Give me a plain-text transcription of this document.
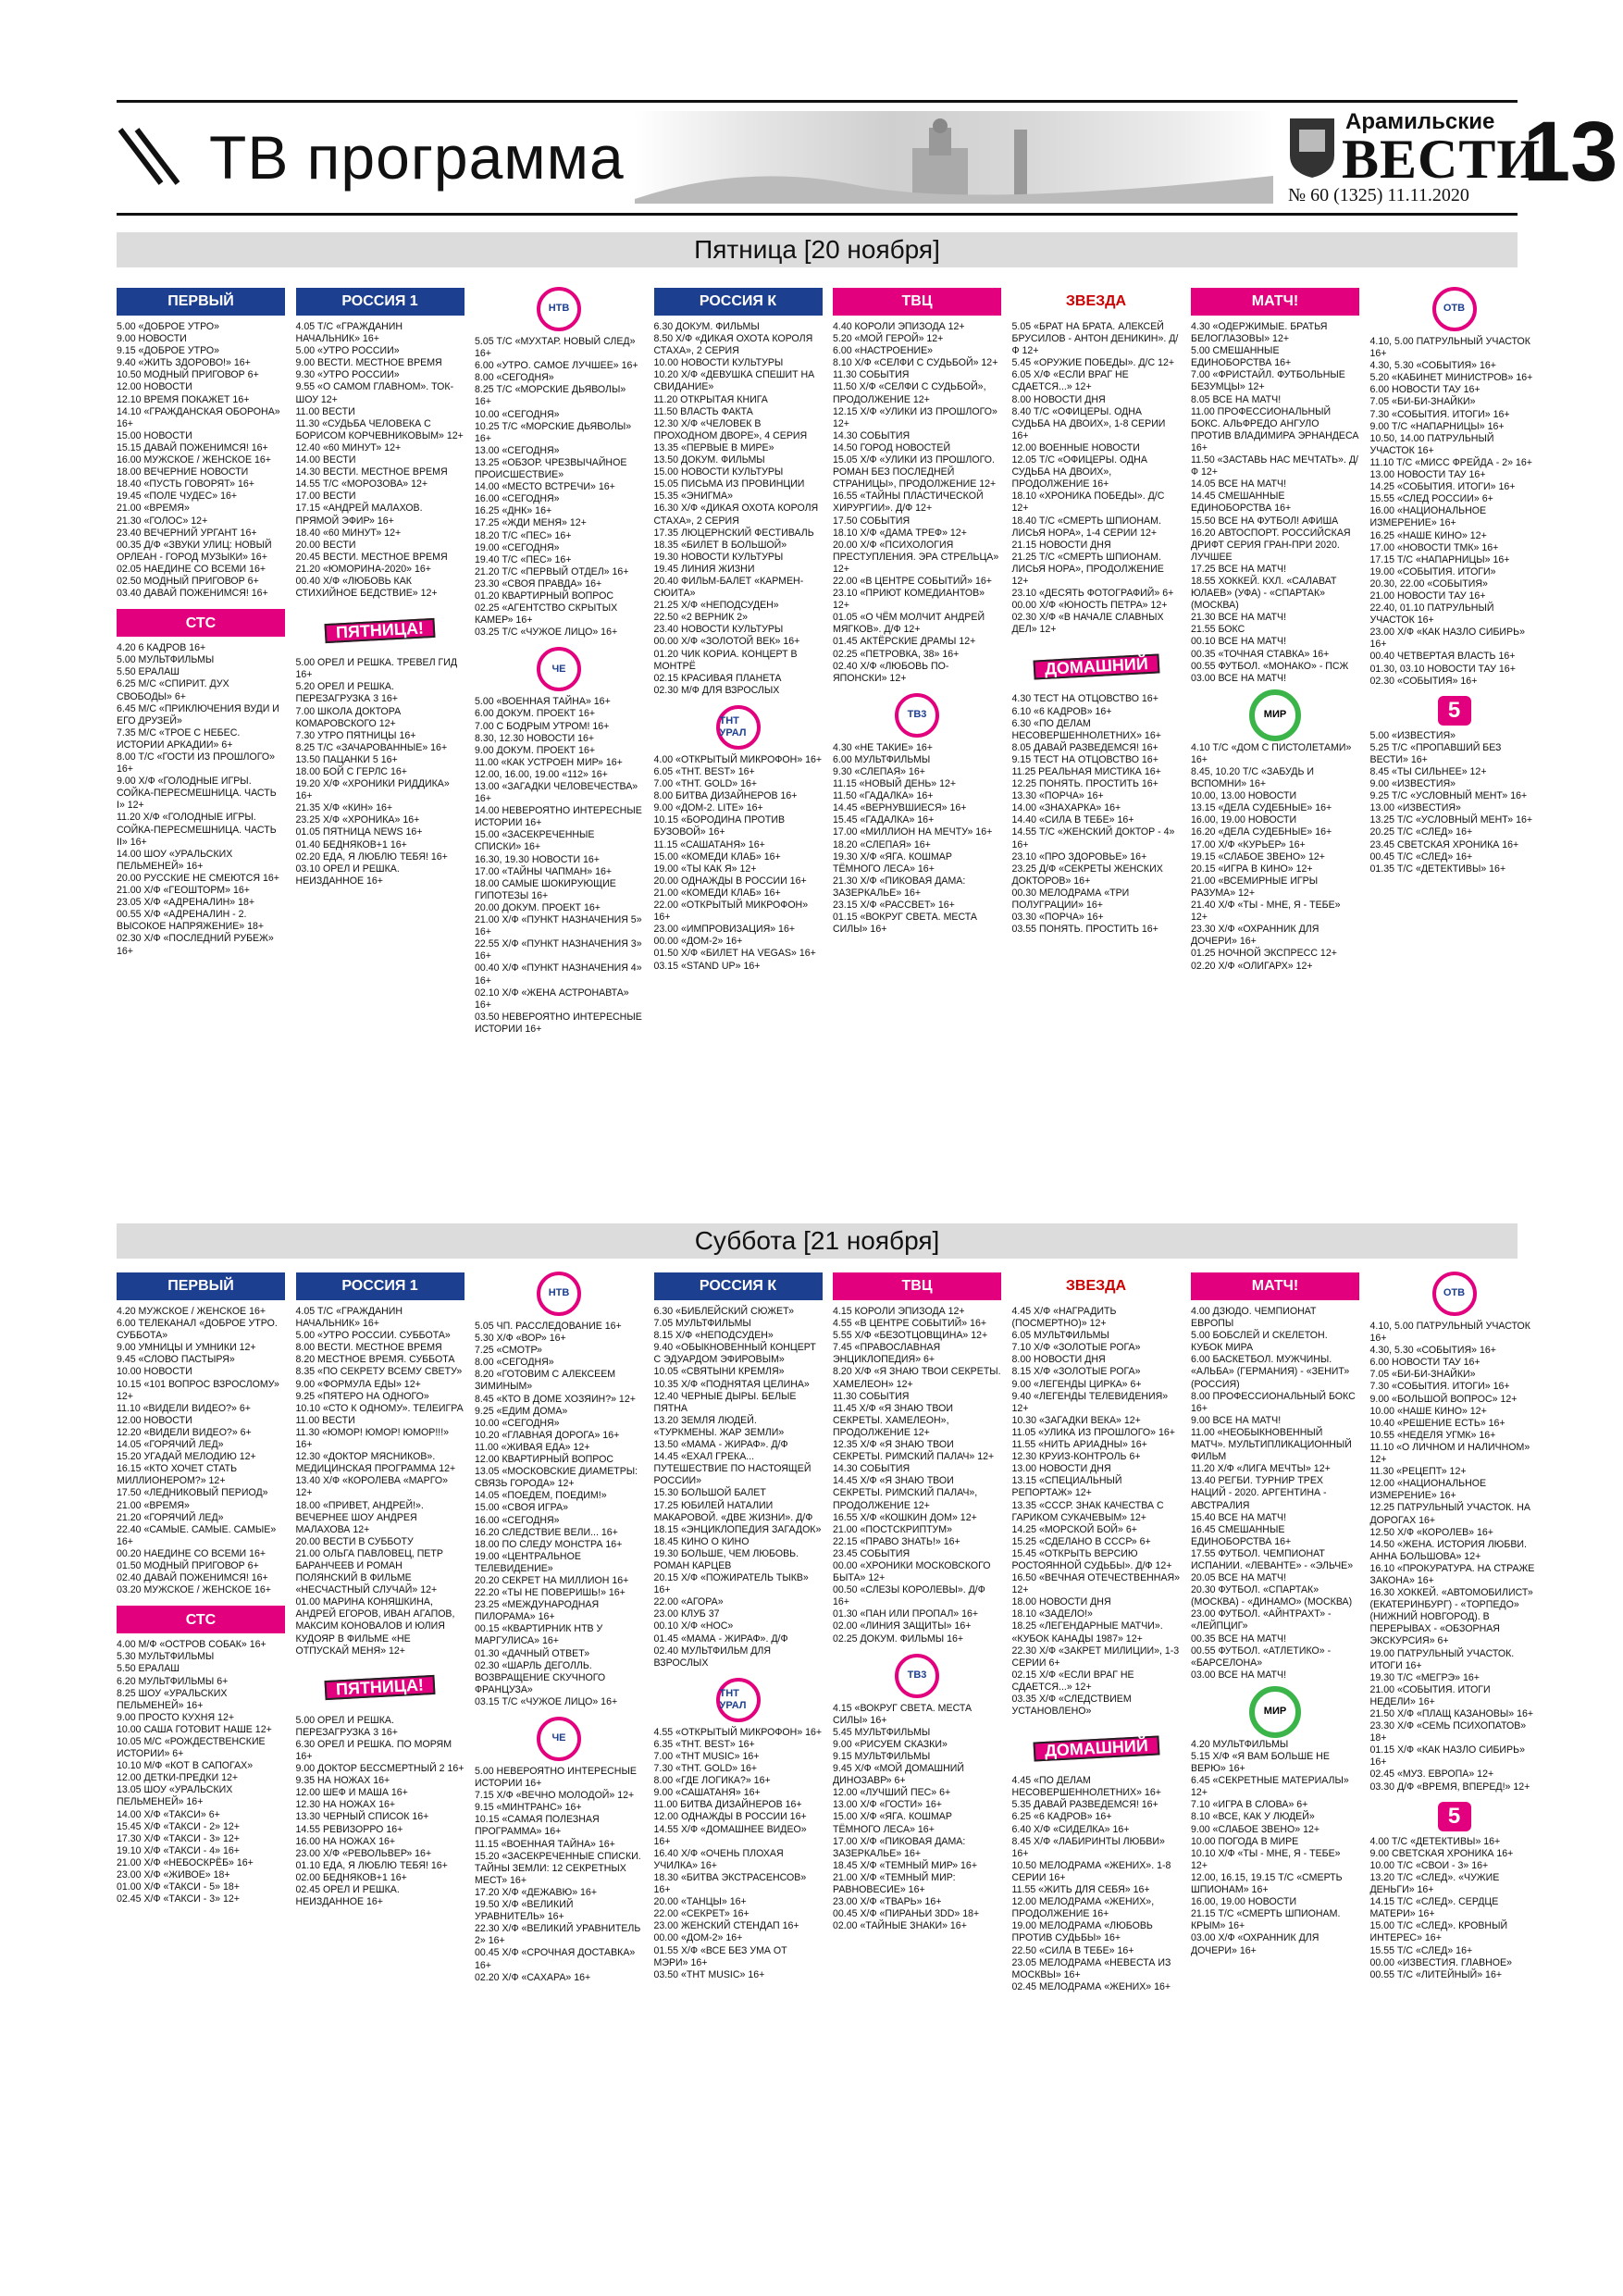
ТВ программа
Арамильские
ВЕСТИ
№ 60 (1325) 11.11.2020 13
Пятница [20 ноября]
ПЕРВЫЙ

5.00 «ДОБРОЕ УТРО»

9.00 НОВОСТИ

9.15 «ДОБРОЕ УТРО»

9.40 «ЖИТЬ ЗДОРОВО!» 16+

10.50 МОДНЫЙ ПРИГОВОР 6+

12.00 НОВОСТИ

12.10 ВРЕМЯ ПОКАЖЕТ 16+

14.10 «ГРАЖДАНСКАЯ ОБОРОНА» 16+

15.00 НОВОСТИ

15.15 ДАВАЙ ПОЖЕНИМСЯ! 16+

16.00 МУЖСКОЕ / ЖЕНСКОЕ 16+

18.00 ВЕЧЕРНИЕ НОВОСТИ

18.40 «ПУСТЬ ГОВОРЯТ» 16+

19.45 «ПОЛЕ ЧУДЕС» 16+

21.00 «ВРЕМЯ»

21.30 «ГОЛОС» 12+

23.40 ВЕЧЕРНИЙ УРГАНТ 16+

00.35 Д/Ф «ЗВУКИ УЛИЦ: НОВЫЙ ОРЛЕАН - ГОРОД МУЗЫКИ» 16+

02.05 НАЕДИНЕ СО ВСЕМИ 16+

02.50 МОДНЫЙ ПРИГОВОР 6+

03.40 ДАВАЙ ПОЖЕНИМСЯ! 16+

СТС

4.20 6 КАДРОВ 16+

5.00 МУЛЬТФИЛЬМЫ

5.50 ЕРАЛАШ

6.25 М/С «СПИРИТ. ДУХ СВОБОДЫ» 6+

6.45 М/С «ПРИКЛЮЧЕНИЯ ВУДИ И ЕГО ДРУЗЕЙ»

7.35 М/С «ТРОЕ С НЕБЕС. ИСТОРИИ АРКАДИИ» 6+

8.00 Т/С «ГОСТИ ИЗ ПРОШЛОГО» 16+

9.00 Х/Ф «ГОЛОДНЫЕ ИГРЫ. СОЙКА-ПЕРЕСМЕШНИЦА. ЧАСТЬ I» 12+

11.20 Х/Ф «ГОЛОДНЫЕ ИГРЫ. СОЙКА-ПЕРЕСМЕШНИЦА. ЧАСТЬ II» 16+

14.00 ШОУ «УРАЛЬСКИХ ПЕЛЬМЕНЕЙ» 16+

20.00 РУССКИЕ НЕ СМЕЮТСЯ 16+

21.00 Х/Ф «ГЕОШТОРМ» 16+

23.05 Х/Ф «АДРЕНАЛИН» 18+

00.55 Х/Ф «АДРЕНАЛИН - 2. ВЫСОКОЕ НАПРЯЖЕНИЕ» 18+

02.30 Х/Ф «ПОСЛЕДНИЙ РУБЕЖ» 16+

РОССИЯ 1

4.05 Т/С «ГРАЖДАНИН НАЧАЛЬНИК» 16+

5.00 «УТРО РОССИИ»

9.00 ВЕСТИ. МЕСТНОЕ ВРЕМЯ

9.30 «УТРО РОССИИ»

9.55 «О САМОМ ГЛАВНОМ». ТОК-ШОУ 12+

11.00 ВЕСТИ

11.30 «СУДЬБА ЧЕЛОВЕКА С БОРИСОМ КОРЧЕВНИКОВЫМ» 12+

12.40 «60 МИНУТ» 12+

14.00 ВЕСТИ

14.30 ВЕСТИ. МЕСТНОЕ ВРЕМЯ

14.55 Т/С «МОРОЗОВА» 12+

17.00 ВЕСТИ

17.15 «АНДРЕЙ МАЛАХОВ. ПРЯМОЙ ЭФИР» 16+

18.40 «60 МИНУТ» 12+

20.00 ВЕСТИ

20.45 ВЕСТИ. МЕСТНОЕ ВРЕМЯ

21.20 «ЮМОРИНА-2020» 16+

00.40 Х/Ф «ЛЮБОВЬ КАК СТИХИЙНОЕ БЕДСТВИЕ» 12+

ПЯТНИЦА!

5.00 ОРЕЛ И РЕШКА. ТРЕВЕЛ ГИД 16+

5.20 ОРЕЛ И РЕШКА. ПЕРЕЗАГРУЗКА 3 16+

7.00 ШКОЛА ДОКТОРА КОМАРОВСКОГО 12+

7.30 УТРО ПЯТНИЦЫ 16+

8.25 Т/С «ЗАЧАРОВАННЫЕ» 16+

13.50 ПАЦАНКИ 5 16+

18.00 БОЙ С ГЕРЛС 16+

19.20 Х/Ф «ХРОНИКИ РИДДИКА» 16+

21.35 Х/Ф «КИН» 16+

23.25 Х/Ф «ХРОНИКА» 16+

01.05 ПЯТНИЦА NEWS 16+

01.40 БЕДНЯКОВ+1 16+

02.20 ЕДА, Я ЛЮБЛЮ ТЕБЯ! 16+

03.10 ОРЕЛ И РЕШКА. НЕИЗДАННОЕ 16+

НТВ

5.05 Т/С «МУХТАР. НОВЫЙ СЛЕД» 16+

6.00 «УТРО. САМОЕ ЛУЧШЕЕ» 16+

8.00 «СЕГОДНЯ»

8.25 Т/С «МОРСКИЕ ДЬЯВОЛЫ» 16+

10.00 «СЕГОДНЯ»

10.25 Т/С «МОРСКИЕ ДЬЯВОЛЫ» 16+

13.00 «СЕГОДНЯ»

13.25 «ОБЗОР. ЧРЕЗВЫЧАЙНОЕ ПРОИСШЕСТВИЕ»

14.00 «МЕСТО ВСТРЕЧИ» 16+

16.00 «СЕГОДНЯ»

16.25 «ДНК» 16+

17.25 «ЖДИ МЕНЯ» 12+

18.20 Т/С «ПЕС» 16+

19.00 «СЕГОДНЯ»

19.40 Т/С «ПЕС» 16+

21.20 Т/С «ПЕРВЫЙ ОТДЕЛ» 16+

23.30 «СВОЯ ПРАВДА» 16+

01.20 КВАРТИРНЫЙ ВОПРОС

02.25 «АГЕНТСТВО СКРЫТЫХ КАМЕР» 16+

03.25 Т/С «ЧУЖОЕ ЛИЦО» 16+

ЧЕ

5.00 «ВОЕННАЯ ТАЙНА» 16+

6.00 ДОКУМ. ПРОЕКТ 16+

7.00 С БОДРЫМ УТРОМ! 16+

8.30, 12.30 НОВОСТИ 16+

9.00 ДОКУМ. ПРОЕКТ 16+

11.00 «КАК УСТРОЕН МИР» 16+

12.00, 16.00, 19.00 «112» 16+

13.00 «ЗАГАДКИ ЧЕЛОВЕЧЕСТВА» 16+

14.00 НЕВЕРОЯТНО ИНТЕРЕСНЫЕ ИСТОРИИ 16+

15.00 «ЗАСЕКРЕЧЕННЫЕ СПИСКИ» 16+

16.30, 19.30 НОВОСТИ 16+

17.00 «ТАЙНЫ ЧАПМАН» 16+

18.00 САМЫЕ ШОКИРУЮЩИЕ ГИПОТЕЗЫ 16+

20.00 ДОКУМ. ПРОЕКТ 16+

21.00 Х/Ф «ПУНКТ НАЗНАЧЕНИЯ 5» 16+

22.55 Х/Ф «ПУНКТ НАЗНАЧЕНИЯ 3» 16+

00.40 Х/Ф «ПУНКТ НАЗНАЧЕНИЯ 4» 16+

02.10 Х/Ф «ЖЕНА АСТРОНАВТА» 16+

03.50 НЕВЕРОЯТНО ИНТЕРЕСНЫЕ ИСТОРИИ 16+

РОССИЯ К

6.30 ДОКУМ. ФИЛЬМЫ

8.50 Х/Ф «ДИКАЯ ОХОТА КОРОЛЯ СТАХА», 2 СЕРИЯ

10.00 НОВОСТИ КУЛЬТУРЫ

10.20 Х/Ф «ДЕВУШКА СПЕШИТ НА СВИДАНИЕ»

11.20 ОТКРЫТАЯ КНИГА

11.50 ВЛАСТЬ ФАКТА

12.30 Х/Ф «ЧЕЛОВЕК В ПРОХОДНОМ ДВОРЕ», 4 СЕРИЯ

13.35 «ПЕРВЫЕ В МИРЕ»

13.50 ДОКУМ. ФИЛЬМЫ

15.00 НОВОСТИ КУЛЬТУРЫ

15.05 ПИСЬМА ИЗ ПРОВИНЦИИ

15.35 «ЭНИГМА»

16.30 Х/Ф «ДИКАЯ ОХОТА КОРОЛЯ СТАХА», 2 СЕРИЯ

17.35 ЛЮЦЕРНСКИЙ ФЕСТИВАЛЬ

18.35 «БИЛЕТ В БОЛЬШОЙ»

19.30 НОВОСТИ КУЛЬТУРЫ

19.45 ЛИНИЯ ЖИЗНИ

20.40 ФИЛЬМ-БАЛЕТ «КАРМЕН-СЮИТА»

21.25 Х/Ф «НЕПОДСУДЕН»

22.50 «2 ВЕРНИК 2»

23.40 НОВОСТИ КУЛЬТУРЫ

00.00 Х/Ф «ЗОЛОТОЙ ВЕК» 16+

01.20 ЧИК КОРИА. КОНЦЕРТ В МОНТРЁ

02.15 КРАСИВАЯ ПЛАНЕТА

02.30 М/Ф ДЛЯ ВЗРОСЛЫХ

ТНТ УРАЛ

4.00 «ОТКРЫТЫЙ МИКРОФОН» 16+

6.05 «ТНТ. BEST» 16+

7.00 «ТНТ. GOLD» 16+

8.00 БИТВА ДИЗАЙНЕРОВ 16+

9.00 «ДОМ-2. LITE» 16+

10.15 «БОРОДИНА ПРОТИВ БУЗОВОЙ» 16+

11.15 «САШАТАНЯ» 16+

15.00 «КОМЕДИ КЛАБ» 16+

19.00 «ТЫ КАК Я» 12+

20.00 ОДНАЖДЫ В РОССИИ 16+

21.00 «КОМЕДИ КЛАБ» 16+

22.00 «ОТКРЫТЫЙ МИКРОФОН» 16+

23.00 «ИМПРОВИЗАЦИЯ» 16+

00.00 «ДОМ-2» 16+

01.50 Х/Ф «БИЛЕТ НА VEGAS» 16+

03.15 «STAND UP» 16+

ТВЦ

4.40 КОРОЛИ ЭПИЗОДА 12+

5.20 «МОЙ ГЕРОЙ» 12+

6.00 «НАСТРОЕНИЕ»

8.10 Х/Ф «СЕЛФИ С СУДЬБОЙ» 12+

11.30 СОБЫТИЯ

11.50 Х/Ф «СЕЛФИ С СУДЬБОЙ», ПРОДОЛЖЕНИЕ 12+

12.15 Х/Ф «УЛИКИ ИЗ ПРОШЛОГО» 12+

14.30 СОБЫТИЯ

14.50 ГОРОД НОВОСТЕЙ

15.05 Х/Ф «УЛИКИ ИЗ ПРОШЛОГО. РОМАН БЕЗ ПОСЛЕДНЕЙ СТРАНИЦЫ», ПРОДОЛЖЕНИЕ 12+

16.55 «ТАЙНЫ ПЛАСТИЧЕСКОЙ ХИРУРГИИ». Д/Ф 12+

17.50 СОБЫТИЯ

18.10 Х/Ф «ДАМА ТРЕФ» 12+

20.00 Х/Ф «ПСИХОЛОГИЯ ПРЕСТУПЛЕНИЯ. ЭРА СТРЕЛЬЦА» 12+

22.00 «В ЦЕНТРЕ СОБЫТИЙ» 16+

23.10 «ПРИЮТ КОМЕДИАНТОВ» 12+

01.05 «О ЧЁМ МОЛЧИТ АНДРЕЙ МЯГКОВ». Д/Ф 12+

01.45 АКТЁРСКИЕ ДРАМЫ 12+

02.25 «ПЕТРОВКА, 38» 16+

02.40 Х/Ф «ЛЮБОВЬ ПО-ЯПОНСКИ» 12+

ТВ3

4.30 «НЕ ТАКИЕ» 16+

6.00 МУЛЬТФИЛЬМЫ

9.30 «СЛЕПАЯ» 16+

11.15 «НОВЫЙ ДЕНЬ» 12+

11.50 «ГАДАЛКА» 16+

14.45 «ВЕРНУВШИЕСЯ» 16+

15.45 «ГАДАЛКА» 16+

17.00 «МИЛЛИОН НА МЕЧТУ» 16+

18.20 «СЛЕПАЯ» 16+

19.30 Х/Ф «ЯГА. КОШМАР ТЁМНОГО ЛЕСА» 16+

21.30 Х/Ф «ПИКОВАЯ ДАМА: ЗАЗЕРКАЛЬЕ» 16+

23.15 Х/Ф «РАССВЕТ» 16+

01.15 «ВОКРУГ СВЕТА. МЕСТА СИЛЫ» 16+

ЗВЕЗДА

5.05 «БРАТ НА БРАТА. АЛЕКСЕЙ БРУСИЛОВ - АНТОН ДЕНИКИН». Д/Ф 12+

5.45 «ОРУЖИЕ ПОБЕДЫ». Д/С 12+

6.05 Х/Ф «ЕСЛИ ВРАГ НЕ СДАЕТСЯ...» 12+

8.00 НОВОСТИ ДНЯ

8.40 Т/С «ОФИЦЕРЫ. ОДНА СУДЬБА НА ДВОИХ», 1-8 СЕРИИ 16+

12.00 ВОЕННЫЕ НОВОСТИ

12.05 Т/С «ОФИЦЕРЫ. ОДНА СУДЬБА НА ДВОИХ», ПРОДОЛЖЕНИЕ 16+

18.10 «ХРОНИКА ПОБЕДЫ». Д/С 12+

18.40 Т/С «СМЕРТЬ ШПИОНАМ. ЛИСЬЯ НОРА», 1-4 СЕРИИ 12+

21.15 НОВОСТИ ДНЯ

21.25 Т/С «СМЕРТЬ ШПИОНАМ. ЛИСЬЯ НОРА», ПРОДОЛЖЕНИЕ 12+

23.10 «ДЕСЯТЬ ФОТОГРАФИЙ» 6+

00.00 Х/Ф «ЮНОСТЬ ПЕТРА» 12+

02.30 Х/Ф «В НАЧАЛЕ СЛАВНЫХ ДЕЛ» 12+

ДОМАШНИЙ

4.30 ТЕСТ НА ОТЦОВСТВО 16+

6.10 «6 КАДРОВ» 16+

6.30 «ПО ДЕЛАМ НЕСОВЕРШЕННОЛЕТНИХ» 16+

8.05 ДАВАЙ РАЗВЕДЕМСЯ! 16+

9.15 ТЕСТ НА ОТЦОВСТВО 16+

11.25 РЕАЛЬНАЯ МИСТИКА 16+

12.25 ПОНЯТЬ. ПРОСТИТЬ 16+

13.30 «ПОРЧА» 16+

14.00 «ЗНАХАРКА» 16+

14.40 «СИЛА В ТЕБЕ» 16+

14.55 Т/С «ЖЕНСКИЙ ДОКТОР - 4» 16+

23.10 «ПРО ЗДОРОВЬЕ» 16+

23.25 Д/Ф «СЕКРЕТЫ ЖЕНСКИХ ДОКТОРОВ» 16+

00.30 МЕЛОДРАМА «ТРИ ПОЛУГРАЦИИ» 16+

03.30 «ПОРЧА» 16+

03.55 ПОНЯТЬ. ПРОСТИТЬ 16+

МАТЧ!

4.30 «ОДЕРЖИМЫЕ. БРАТЬЯ БЕЛОГЛАЗОВЫ» 12+

5.00 СМЕШАННЫЕ ЕДИНОБОРСТВА 16+

7.00 «ФРИСТАЙЛ. ФУТБОЛЬНЫЕ БЕЗУМЦЫ» 12+

8.05 ВСЕ НА МАТЧ!

11.00 ПРОФЕССИОНАЛЬНЫЙ БОКС. АЛЬФРЕДО АНГУЛО ПРОТИВ ВЛАДИМИРА ЭРНАНДЕСА 16+

11.50 «ЗАСТАВЬ НАС МЕЧТАТЬ». Д/Ф 12+

14.05 ВСЕ НА МАТЧ!

14.45 СМЕШАННЫЕ ЕДИНОБОРСТВА 16+

15.50 ВСЕ НА ФУТБОЛ! АФИША

16.20 АВТОСПОРТ. РОССИЙСКАЯ ДРИФТ СЕРИЯ ГРАН-ПРИ 2020. ЛУЧШЕЕ

17.25 ВСЕ НА МАТЧ!

18.55 ХОККЕЙ. КХЛ. «САЛАВАТ ЮЛАЕВ» (УФА) - «СПАРТАК» (МОСКВА)

21.30 ВСЕ НА МАТЧ!

21.55 БОКС

00.10 ВСЕ НА МАТЧ!

00.35 «ТОЧНАЯ СТАВКА» 16+

00.55 ФУТБОЛ. «МОНАКО» - ПСЖ

03.00 ВСЕ НА МАТЧ!

МИР

4.10 Т/С «ДОМ С ПИСТОЛЕТАМИ» 16+

8.45, 10.20 Т/С «ЗАБУДЬ И ВСПОМНИ» 16+

10.00, 13.00 НОВОСТИ

13.15 «ДЕЛА СУДЕБНЫЕ» 16+

16.00, 19.00 НОВОСТИ

16.20 «ДЕЛА СУДЕБНЫЕ» 16+

17.00 Х/Ф «КУРЬЕР» 16+

19.15 «СЛАБОЕ ЗВЕНО» 12+

20.15 «ИГРА В КИНО» 12+

21.00 «ВСЕМИРНЫЕ ИГРЫ РАЗУМА» 12+

21.40 Х/Ф «ТЫ - МНЕ, Я - ТЕБЕ» 12+

23.30 Х/Ф «ОХРАННИК ДЛЯ ДОЧЕРИ» 16+

01.25 НОЧНОЙ ЭКСПРЕСС 12+

02.20 Х/Ф «ОЛИГАРХ» 12+

ОТВ

4.10, 5.00 ПАТРУЛЬНЫЙ УЧАСТОК 16+

4.30, 5.30 «СОБЫТИЯ» 16+

5.20 «КАБИНЕТ МИНИСТРОВ» 16+

6.00 НОВОСТИ ТАУ 16+

7.05 «БИ-БИ-ЗНАЙКИ»

7.30 «СОБЫТИЯ. ИТОГИ» 16+

9.00 Т/С «НАПАРНИЦЫ» 16+

10.50, 14.00 ПАТРУЛЬНЫЙ УЧАСТОК 16+

11.10 Т/С «МИСС ФРЕЙДА - 2» 16+

13.00 НОВОСТИ ТАУ 16+

14.25 «СОБЫТИЯ. ИТОГИ» 16+

15.55 «СЛЕД РОССИИ» 6+

16.00 «НАЦИОНАЛЬНОЕ ИЗМЕРЕНИЕ» 16+

16.25 «НАШЕ КИНО» 12+

17.00 «НОВОСТИ ТМК» 16+

17.15 Т/С «НАПАРНИЦЫ» 16+

19.00 «СОБЫТИЯ. ИТОГИ»

20.30, 22.00 «СОБЫТИЯ»

21.00 НОВОСТИ ТАУ 16+

22.40, 01.10 ПАТРУЛЬНЫЙ УЧАСТОК 16+

23.00 Х/Ф «КАК НАЗЛО СИБИРЬ» 16+

00.40 ЧЕТВЕРТАЯ ВЛАСТЬ 16+

01.30, 03.10 НОВОСТИ ТАУ 16+

02.30 «СОБЫТИЯ» 16+

5

5.00 «ИЗВЕСТИЯ»

5.25 Т/С «ПРОПАВШИЙ БЕЗ ВЕСТИ» 16+

8.45 «ТЫ СИЛЬНЕЕ» 12+

9.00 «ИЗВЕСТИЯ»

9.25 Т/С «УСЛОВНЫЙ МЕНТ» 16+

13.00 «ИЗВЕСТИЯ»

13.25 Т/С «УСЛОВНЫЙ МЕНТ» 16+

20.25 Т/С «СЛЕД» 16+

23.45 СВЕТСКАЯ ХРОНИКА 16+

00.45 Т/С «СЛЕД» 16+

01.35 Т/С «ДЕТЕКТИВЫ» 16+

Суббота [21 ноября]
ПЕРВЫЙ

4.20 МУЖСКОЕ / ЖЕНСКОЕ 16+

6.00 ТЕЛЕКАНАЛ «ДОБРОЕ УТРО. СУББОТА»

9.00 УМНИЦЫ И УМНИКИ 12+

9.45 «СЛОВО ПАСТЫРЯ»

10.00 НОВОСТИ

10.15 «101 ВОПРОС ВЗРОСЛОМУ» 12+

11.10 «ВИДЕЛИ ВИДЕО?» 6+

12.00 НОВОСТИ

12.20 «ВИДЕЛИ ВИДЕО?» 6+

14.05 «ГОРЯЧИЙ ЛЕД»

15.20 УГАДАЙ МЕЛОДИЮ 12+

16.15 «КТО ХОЧЕТ СТАТЬ МИЛЛИОНЕРОМ?» 12+

17.50 «ЛЕДНИКОВЫЙ ПЕРИОД»

21.00 «ВРЕМЯ»

21.20 «ГОРЯЧИЙ ЛЕД»

22.40 «САМЫЕ. САМЫЕ. САМЫЕ» 16+

00.20 НАЕДИНЕ СО ВСЕМИ 16+

01.50 МОДНЫЙ ПРИГОВОР 6+

02.40 ДАВАЙ ПОЖЕНИМСЯ! 16+

03.20 МУЖСКОЕ / ЖЕНСКОЕ 16+

СТС

4.00 М/Ф «ОСТРОВ СОБАК» 16+

5.30 МУЛЬТФИЛЬМЫ

5.50 ЕРАЛАШ

6.20 МУЛЬТФИЛЬМЫ 6+

8.25 ШОУ «УРАЛЬСКИХ ПЕЛЬМЕНЕЙ» 16+

9.00 ПРОСТО КУХНЯ 12+

10.00 САША ГОТОВИТ НАШЕ 12+

10.05 М/С «РОЖДЕСТВЕНСКИЕ ИСТОРИИ» 6+

10.10 М/Ф «КОТ В САПОГАХ»

12.00 ДЕТКИ-ПРЕДКИ 12+

13.05 ШОУ «УРАЛЬСКИХ ПЕЛЬМЕНЕЙ» 16+

14.00 Х/Ф «ТАКСИ» 6+

15.45 Х/Ф «ТАКСИ - 2» 12+

17.30 Х/Ф «ТАКСИ - 3» 12+

19.10 Х/Ф «ТАКСИ - 4» 16+

21.00 Х/Ф «НЕБОСКРЁБ» 16+

23.00 Х/Ф «ЖИВОЕ» 18+

01.00 Х/Ф «ТАКСИ - 5» 18+

02.45 Х/Ф «ТАКСИ - 3» 12+

РОССИЯ 1

4.05 Т/С «ГРАЖДАНИН НАЧАЛЬНИК» 16+

5.00 «УТРО РОССИИ. СУББОТА»

8.00 ВЕСТИ. МЕСТНОЕ ВРЕМЯ

8.20 МЕСТНОЕ ВРЕМЯ. СУББОТА

8.35 «ПО СЕКРЕТУ ВСЕМУ СВЕТУ»

9.00 «ФОРМУЛА ЕДЫ» 12+

9.25 «ПЯТЕРО НА ОДНОГО»

10.10 «СТО К ОДНОМУ». ТЕЛЕИГРА

11.00 ВЕСТИ

11.30 «ЮМОР! ЮМОР! ЮМОР!!!» 16+

12.30 «ДОКТОР МЯСНИКОВ». МЕДИЦИНСКАЯ ПРОГРАММА 12+

13.40 Х/Ф «КОРОЛЕВА «МАРГО» 12+

18.00 «ПРИВЕТ, АНДРЕЙ!». ВЕЧЕРНЕЕ ШОУ АНДРЕЯ МАЛАХОВА 12+

20.00 ВЕСТИ В СУББОТУ

21.00 ОЛЬГА ПАВЛОВЕЦ, ПЕТР БАРАНЧЕЕВ И РОМАН ПОЛЯНСКИЙ В ФИЛЬМЕ «НЕСЧАСТНЫЙ СЛУЧАЙ» 12+

01.00 МАРИНА КОНЯШКИНА, АНДРЕЙ ЕГОРОВ, ИВАН АГАПОВ, МАКСИМ КОНОВАЛОВ И ЮЛИЯ КУДОЯР В ФИЛЬМЕ «НЕ ОТПУСКАЙ МЕНЯ» 12+

ПЯТНИЦА!

5.00 ОРЕЛ И РЕШКА. ПЕРЕЗАГРУЗКА 3 16+

6.30 ОРЕЛ И РЕШКА. ПО МОРЯМ 16+

9.00 ДОКТОР БЕССМЕРТНЫЙ 2 16+

9.35 НА НОЖАХ 16+

12.00 ШЕФ И МАША 16+

12.30 НА НОЖАХ 16+

13.30 ЧЕРНЫЙ СПИСОК 16+

14.55 РЕВИЗОРРО 16+

16.00 НА НОЖАХ 16+

23.00 Х/Ф «РЕВОЛЬВЕР» 16+

01.10 ЕДА, Я ЛЮБЛЮ ТЕБЯ! 16+

02.00 БЕДНЯКОВ+1 16+

02.45 ОРЕЛ И РЕШКА. НЕИЗДАННОЕ 16+

НТВ

5.05 ЧП. РАССЛЕДОВАНИЕ 16+

5.30 Х/Ф «ВОР» 16+

7.25 «СМОТР»

8.00 «СЕГОДНЯ»

8.20 «ГОТОВИМ С АЛЕКСЕЕМ ЗИМИНЫМ»

8.45 «КТО В ДОМЕ ХОЗЯИН?» 12+

9.25 «ЕДИМ ДОМА»

10.00 «СЕГОДНЯ»

10.20 «ГЛАВНАЯ ДОРОГА» 16+

11.00 «ЖИВАЯ ЕДА» 12+

12.00 КВАРТИРНЫЙ ВОПРОС

13.05 «МОСКОВСКИЕ ДИАМЕТРЫ: СВЯЗЬ ГОРОДА» 12+

14.05 «ПОЕДЕМ, ПОЕДИМ!»

15.00 «СВОЯ ИГРА»

16.00 «СЕГОДНЯ»

16.20 СЛЕДСТВИЕ ВЕЛИ... 16+

18.00 ПО СЛЕДУ МОНСТРА 16+

19.00 «ЦЕНТРАЛЬНОЕ ТЕЛЕВИДЕНИЕ»

20.20 СЕКРЕТ НА МИЛЛИОН 16+

22.20 «ТЫ НЕ ПОВЕРИШЬ!» 16+

23.25 «МЕЖДУНАРОДНАЯ ПИЛОРАМА» 16+

00.15 «КВАРТИРНИК НТВ У МАРГУЛИСА» 16+

01.30 «ДАЧНЫЙ ОТВЕТ»

02.30 «ШАРЛЬ ДЕГОЛЛЬ. ВОЗВРАЩЕНИЕ СКУЧНОГО ФРАНЦУЗА»

03.15 Т/С «ЧУЖОЕ ЛИЦО» 16+

ЧЕ

5.00 НЕВЕРОЯТНО ИНТЕРЕСНЫЕ ИСТОРИИ 16+

7.15 Х/Ф «ВЕЧНО МОЛОДОЙ» 12+

9.15 «МИНТРАНС» 16+

10.15 «САМАЯ ПОЛЕЗНАЯ ПРОГРАММА» 16+

11.15 «ВОЕННАЯ ТАЙНА» 16+

15.20 «ЗАСЕКРЕЧЕННЫЕ СПИСКИ. ТАЙНЫ ЗЕМЛИ: 12 СЕКРЕТНЫХ МЕСТ» 16+

17.20 Х/Ф «ДЕЖАВЮ» 16+

19.50 Х/Ф «ВЕЛИКИЙ УРАВНИТЕЛЬ» 16+

22.30 Х/Ф «ВЕЛИКИЙ УРАВНИТЕЛЬ 2» 16+

00.45 Х/Ф «СРОЧНАЯ ДОСТАВКА» 16+

02.20 Х/Ф «САХАРА» 16+

РОССИЯ К

6.30 «БИБЛЕЙСКИЙ СЮЖЕТ»

7.05 МУЛЬТФИЛЬМЫ

8.15 Х/Ф «НЕПОДСУДЕН»

9.40 «ОБЫКНОВЕННЫЙ КОНЦЕРТ С ЭДУАРДОМ ЭФИРОВЫМ»

10.05 «СВЯТЫНИ КРЕМЛЯ»

10.35 Х/Ф «ПОДНЯТАЯ ЦЕЛИНА»

12.40 ЧЕРНЫЕ ДЫРЫ. БЕЛЫЕ ПЯТНА

13.20 ЗЕМЛЯ ЛЮДЕЙ. «ТУРКМЕНЫ. ЖАР ЗЕМЛИ»

13.50 «МАМА - ЖИРАФ». Д/Ф

14.45 «ЕХАЛ ГРЕКА... ПУТЕШЕСТВИЕ ПО НАСТОЯЩЕЙ РОССИИ»

15.30 БОЛЬШОЙ БАЛЕТ

17.25 ЮБИЛЕЙ НАТАЛИИ МАКАРОВОЙ. «ДВЕ ЖИЗНИ». Д/Ф

18.15 «ЭНЦИКЛОПЕДИЯ ЗАГАДОК»

18.45 КИНО О КИНО

19.30 БОЛЬШЕ, ЧЕМ ЛЮБОВЬ. РОМАН КАРЦЕВ

20.15 Х/Ф «ПОЖИРАТЕЛЬ ТЫКВ» 16+

22.00 «АГОРА»

23.00 КЛУБ 37

00.10 Х/Ф «НОС»

01.45 «МАМА - ЖИРАФ». Д/Ф

02.40 МУЛЬТФИЛЬМ ДЛЯ ВЗРОСЛЫХ

ТНТ УРАЛ

4.55 «ОТКРЫТЫЙ МИКРОФОН» 16+

6.35 «ТНТ. BEST» 16+

7.00 «ТНТ MUSIC» 16+

7.30 «ТНТ. GOLD» 16+

8.00 «ГДЕ ЛОГИКА?» 16+

9.00 «САШАТАНЯ» 16+

11.00 БИТВА ДИЗАЙНЕРОВ 16+

12.00 ОДНАЖДЫ В РОССИИ 16+

14.55 Х/Ф «ДОМАШНЕЕ ВИДЕО» 16+

16.40 Х/Ф «ОЧЕНЬ ПЛОХАЯ УЧИЛКА» 16+

18.30 «БИТВА ЭКСТРАСЕНСОВ» 16+

20.00 «ТАНЦЫ» 16+

22.00 «СЕКРЕТ» 16+

23.00 ЖЕНСКИЙ СТЕНДАП 16+

00.00 «ДОМ-2» 16+

01.55 Х/Ф «ВСЕ БЕЗ УМА ОТ МЭРИ» 16+

03.50 «ТНТ MUSIC» 16+

ТВЦ

4.15 КОРОЛИ ЭПИЗОДА 12+

4.55 «В ЦЕНТРЕ СОБЫТИЙ» 16+

5.55 Х/Ф «БЕЗОТЦОВЩИНА» 12+

7.45 «ПРАВОСЛАВНАЯ ЭНЦИКЛОПЕДИЯ» 6+

8.20 Х/Ф «Я ЗНАЮ ТВОИ СЕКРЕТЫ. ХАМЕЛЕОН» 12+

11.30 СОБЫТИЯ

11.45 Х/Ф «Я ЗНАЮ ТВОИ СЕКРЕТЫ. ХАМЕЛЕОН», ПРОДОЛЖЕНИЕ 12+

12.35 Х/Ф «Я ЗНАЮ ТВОИ СЕКРЕТЫ. РИМСКИЙ ПАЛАЧ» 12+

14.30 СОБЫТИЯ

14.45 Х/Ф «Я ЗНАЮ ТВОИ СЕКРЕТЫ. РИМСКИЙ ПАЛАЧ», ПРОДОЛЖЕНИЕ 12+

16.55 Х/Ф «КОШКИН ДОМ» 12+

21.00 «ПОСТСКРИПТУМ»

22.15 «ПРАВО ЗНАТЬ!» 16+

23.45 СОБЫТИЯ

00.00 «ХРОНИКИ МОСКОВСКОГО БЫТА» 12+

00.50 «СЛЕЗЫ КОРОЛЕВЫ». Д/Ф 16+

01.30 «ПАН ИЛИ ПРОПАЛ» 16+

02.00 «ЛИНИЯ ЗАЩИТЫ» 16+

02.25 ДОКУМ. ФИЛЬМЫ 16+

ТВ3

4.15 «ВОКРУГ СВЕТА. МЕСТА СИЛЫ» 16+

5.45 МУЛЬТФИЛЬМЫ

9.00 «РИСУЕМ СКАЗКИ»

9.15 МУЛЬТФИЛЬМЫ

9.45 Х/Ф «МОЙ ДОМАШНИЙ ДИНОЗАВР» 6+

12.00 «ЛУЧШИЙ ПЕС» 6+

13.00 Х/Ф «ГОСТИ» 16+

15.00 Х/Ф «ЯГА. КОШМАР ТЁМНОГО ЛЕСА» 16+

17.00 Х/Ф «ПИКОВАЯ ДАМА: ЗАЗЕРКАЛЬЕ» 16+

18.45 Х/Ф «ТЕМНЫЙ МИР» 16+

21.00 Х/Ф «ТЕМНЫЙ МИР: РАВНОВЕСИЕ» 16+

23.00 Х/Ф «ТВАРЬ» 16+

00.45 Х/Ф «ПИРАНЬИ 3DD» 18+

02.00 «ТАЙНЫЕ ЗНАКИ» 16+

ЗВЕЗДА

4.45 Х/Ф «НАГРАДИТЬ (ПОСМЕРТНО)» 12+

6.05 МУЛЬТФИЛЬМЫ

7.10 Х/Ф «ЗОЛОТЫЕ РОГА»

8.00 НОВОСТИ ДНЯ

8.15 Х/Ф «ЗОЛОТЫЕ РОГА»

9.00 «ЛЕГЕНДЫ ЦИРКА» 6+

9.40 «ЛЕГЕНДЫ ТЕЛЕВИДЕНИЯ» 12+

10.30 «ЗАГАДКИ ВЕКА» 12+

11.05 «УЛИКА ИЗ ПРОШЛОГО» 16+

11.55 «НИТЬ АРИАДНЫ» 16+

12.30 КРУИЗ-КОНТРОЛЬ 6+

13.00 НОВОСТИ ДНЯ

13.15 «СПЕЦИАЛЬНЫЙ РЕПОРТАЖ» 12+

13.35 «СССР. ЗНАК КАЧЕСТВА С ГАРИКОМ СУКАЧЕВЫМ» 12+

14.25 «МОРСКОЙ БОЙ» 6+

15.25 «СДЕЛАНО В СССР» 6+

15.45 «ОТКРЫТЬ ВЕРСИЮ РОСТОЯННОЙ СУДЬБЫ». Д/Ф 12+

16.50 «ВЕЧНАЯ ОТЕЧЕСТВЕННАЯ» 12+

18.00 НОВОСТИ ДНЯ

18.10 «ЗАДЕЛО!»

18.25 «ЛЕГЕНДАРНЫЕ МАТЧИ». «КУБОК КАНАДЫ 1987» 12+

22.30 Х/Ф «ЗАКРЕТ МИЛИЦИИ», 1-3 СЕРИИ 6+

02.15 Х/Ф «ЕСЛИ ВРАГ НЕ СДАЕТСЯ...» 12+

03.35 Х/Ф «СЛЕДСТВИЕМ УСТАНОВЛЕНО»

ДОМАШНИЙ

4.45 «ПО ДЕЛАМ НЕСОВЕРШЕННОЛЕТНИХ» 16+

5.35 ДАВАЙ РАЗВЕДЕМСЯ! 16+

6.25 «6 КАДРОВ» 16+

6.40 Х/Ф «СИДЕЛКА» 16+

8.45 Х/Ф «ЛАБИРИНТЫ ЛЮБВИ» 16+

10.50 МЕЛОДРАМА «ЖЕНИХ». 1-8 СЕРИИ 16+

11.55 «ЖИТЬ ДЛЯ СЕБЯ» 16+

12.00 МЕЛОДРАМА «ЖЕНИХ», ПРОДОЛЖЕНИЕ 16+

19.00 МЕЛОДРАМА «ЛЮБОВЬ ПРОТИВ СУДЬБЫ» 16+

22.50 «СИЛА В ТЕБЕ» 16+

23.05 МЕЛОДРАМА «НЕВЕСТА ИЗ МОСКВЫ» 16+

02.45 МЕЛОДРАМА «ЖЕНИХ» 16+

МАТЧ!

4.00 ДЗЮДО. ЧЕМПИОНАТ ЕВРОПЫ

5.00 БОБСЛЕЙ И СКЕЛЕТОН. КУБОК МИРА

6.00 БАСКЕТБОЛ. МУЖЧИНЫ. «АЛЬБА» (ГЕРМАНИЯ) - «ЗЕНИТ» (РОССИЯ)

8.00 ПРОФЕССИОНАЛЬНЫЙ БОКС 16+

9.00 ВСЕ НА МАТЧ!

11.00 «НЕОБЫКНОВЕННЫЙ МАТЧ». МУЛЬТИПЛИКАЦИОННЫЙ ФИЛЬМ

11.20 Х/Ф «ЛИГА МЕЧТЫ» 12+

13.40 РЕГБИ. ТУРНИР ТРЕХ НАЦИЙ - 2020. АРГЕНТИНА - АВСТРАЛИЯ

15.40 ВСЕ НА МАТЧ!

16.45 СМЕШАННЫЕ ЕДИНОБОРСТВА 16+

17.55 ФУТБОЛ. ЧЕМПИОНАТ ИСПАНИИ. «ЛЕВАНТЕ» - «ЭЛЬЧЕ»

20.05 ВСЕ НА МАТЧ!

20.30 ФУТБОЛ. «СПАРТАК» (МОСКВА) - «ДИНАМО» (МОСКВА)

23.00 ФУТБОЛ. «АЙНТРАХТ» - «ЛЕЙПЦИГ»

00.35 ВСЕ НА МАТЧ!

00.55 ФУТБОЛ. «АТЛЕТИКО» - «БАРСЕЛОНА»

03.00 ВСЕ НА МАТЧ!

МИР

4.20 МУЛЬТФИЛЬМЫ

5.15 Х/Ф «Я ВАМ БОЛЬШЕ НЕ ВЕРЮ» 16+

6.45 «СЕКРЕТНЫЕ МАТЕРИАЛЫ» 12+

7.10 «ИГРА В СЛОВА» 6+

8.10 «ВСЕ, КАК У ЛЮДЕЙ»

9.00 «СЛАБОЕ ЗВЕНО» 12+

10.00 ПОГОДА В МИРЕ

10.10 Х/Ф «ТЫ - МНЕ, Я - ТЕБЕ» 12+

12.00, 16.15, 19.15 Т/С «СМЕРТЬ ШПИОНАМ» 16+

16.00, 19.00 НОВОСТИ

21.15 Т/С «СМЕРТЬ ШПИОНАМ. КРЫМ» 16+

03.00 Х/Ф «ОХРАННИК ДЛЯ ДОЧЕРИ» 16+

ОТВ

4.10, 5.00 ПАТРУЛЬНЫЙ УЧАСТОК 16+

4.30, 5.30 «СОБЫТИЯ» 16+

6.00 НОВОСТИ ТАУ 16+

7.05 «БИ-БИ-ЗНАЙКИ»

7.30 «СОБЫТИЯ. ИТОГИ» 16+

9.00 «БОЛЬШОЙ ВОПРОС» 12+

10.00 «НАШЕ КИНО» 12+

10.40 «РЕШЕНИЕ ЕСТЬ» 16+

10.55 «НЕДЕЛЯ УГМК» 16+

11.10 «О ЛИЧНОМ И НАЛИЧНОМ» 12+

11.30 «РЕЦЕПТ» 12+

12.00 «НАЦИОНАЛЬНОЕ ИЗМЕРЕНИЕ» 16+

12.25 ПАТРУЛЬНЫЙ УЧАСТОК. НА ДОРОГАХ 16+

12.50 Х/Ф «КОРОЛЕВ» 16+

14.50 «ЖЕНА. ИСТОРИЯ ЛЮБВИ. АННА БОЛЬШОВА» 12+

16.10 «ПРОКУРАТУРА. НА СТРАЖЕ ЗАКОНА» 16+

16.30 ХОККЕЙ. «АВТОМОБИЛИСТ» (ЕКАТЕРИНБУРГ) - «ТОРПЕДО» (НИЖНИЙ НОВГОРОД). В ПЕРЕРЫВАХ - «ОБЗОРНАЯ ЭКСКУРСИЯ» 6+

19.00 ПАТРУЛЬНЫЙ УЧАСТОК. ИТОГИ 16+

19.30 Т/С «МЕГРЭ» 16+

21.00 «СОБЫТИЯ. ИТОГИ НЕДЕЛИ» 16+

21.50 Х/Ф «ПЛАЩ КАЗАНОВЫ» 16+

23.30 Х/Ф «СЕМЬ ПСИХОПАТОВ» 18+

01.15 Х/Ф «КАК НАЗЛО СИБИРЬ» 16+

02.45 «МУЗ. ЕВРОПА» 12+

03.30 Д/Ф «ВРЕМЯ, ВПЕРЕД!» 12+

5

4.00 Т/С «ДЕТЕКТИВЫ» 16+

9.00 СВЕТСКАЯ ХРОНИКА 16+

10.00 Т/С «СВОИ - 3» 16+

13.20 Т/С «СЛЕД». «ЧУЖИЕ ДЕНЬГИ» 16+

14.15 Т/С «СЛЕД». СЕРДЦЕ МАТЕРИ» 16+

15.00 Т/С «СЛЕД». КРОВНЫЙ ИНТЕРЕС» 16+

15.55 Т/С «СЛЕД» 16+

00.00 «ИЗВЕСТИЯ. ГЛАВНОЕ»

00.55 Т/С «ЛИТЕЙНЫЙ» 16+
